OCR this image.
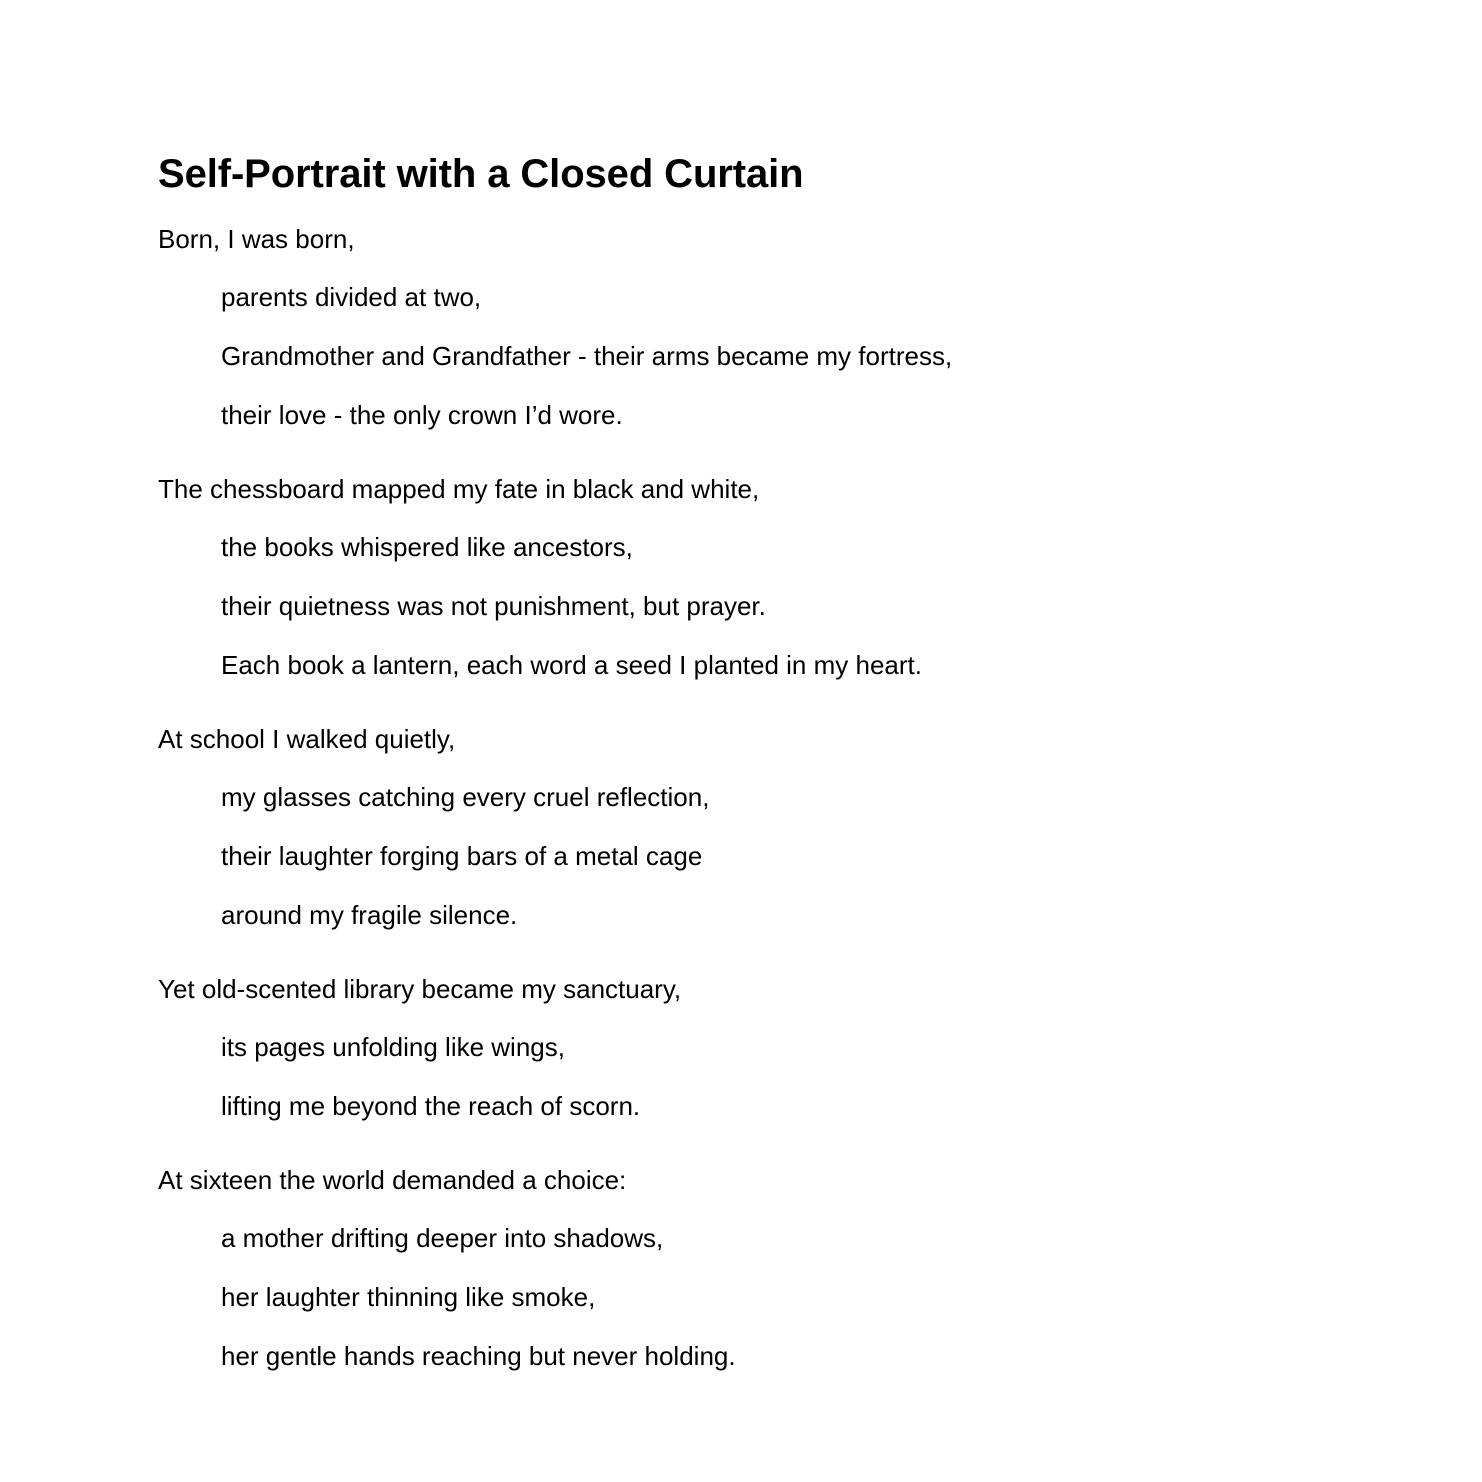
Self-Portrait with a Closed Curtain
Born, I was born,
parents divided at two,
Grandmother and Grandfather - their arms became my fortress,
their love - the only crown I’d wore.
The chessboard mapped my fate in black and white,
the books whispered like ancestors,
their quietness was not punishment, but prayer.
Each book a lantern, each word a seed I planted in my heart.
At school I walked quietly,
my glasses catching every cruel reflection,
their laughter forging bars of a metal cage
around my fragile silence.
Yet old-scented library became my sanctuary,
its pages unfolding like wings,
lifting me beyond the reach of scorn.
At sixteen the world demanded a choice:
a mother drifting deeper into shadows,
her laughter thinning like smoke,
her gentle hands reaching but never holding.
